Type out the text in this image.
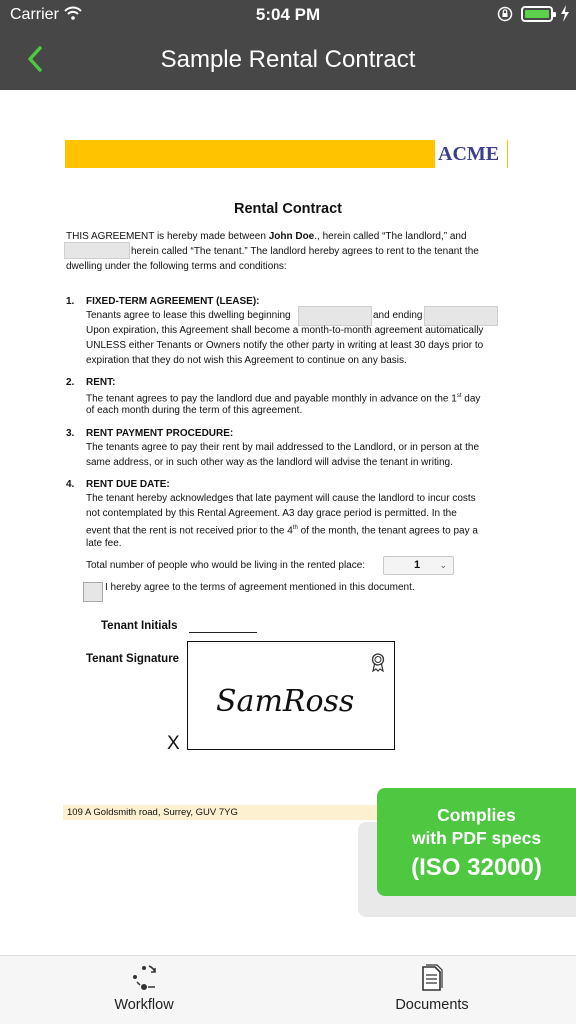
Carrier	5:04 PM
Sample Rental Contract
ACME
Rental Contract
THIS AGREEMENT is hereby made between John Doe., herein called “The landlord,” and
herein called “The tenant.” The landlord hereby agrees to rent to the tenant the
dwelling under the following terms and conditions:
1. FIXED-TERM AGREEMENT (LEASE):
Tenants agree to lease this dwelling beginning	and ending
Upon expiration, this Agreement shall become a month-to-month agreement automatically
UNLESS either Tenants or Owners notify the other party in writing at least 30 days prior to
expiration that they do not wish this Agreement to continue on any basis.
2. RENT:
The tenant agrees to pay the landlord due and payable monthly in advance on the 1st day
of each month during the term of this agreement.
3. RENT PAYMENT PROCEDURE:
The tenants agree to pay their rent by mail addressed to the Landlord, or in person at the
same address, or in such other way as the landlord will advise the tenant in writing.
4. RENT DUE DATE:
The tenant hereby acknowledges that late payment will cause the landlord to incur costs
not contemplated by this Rental Agreement. A3 day grace period is permitted. In the
event that the rent is not received prior to the 4th of the month, the tenant agrees to pay a
late fee.
Total number of people who would be living in the rented place:	1 ⌄
I hereby agree to the terms of agreement mentioned in this document.
Tenant Initials
Tenant Signature
SamRoss
X
109 A Goldsmith road, Surrey, GUV 7YG	Complies
with PDF specs
(ISO 32000)
Workflow	Documents
